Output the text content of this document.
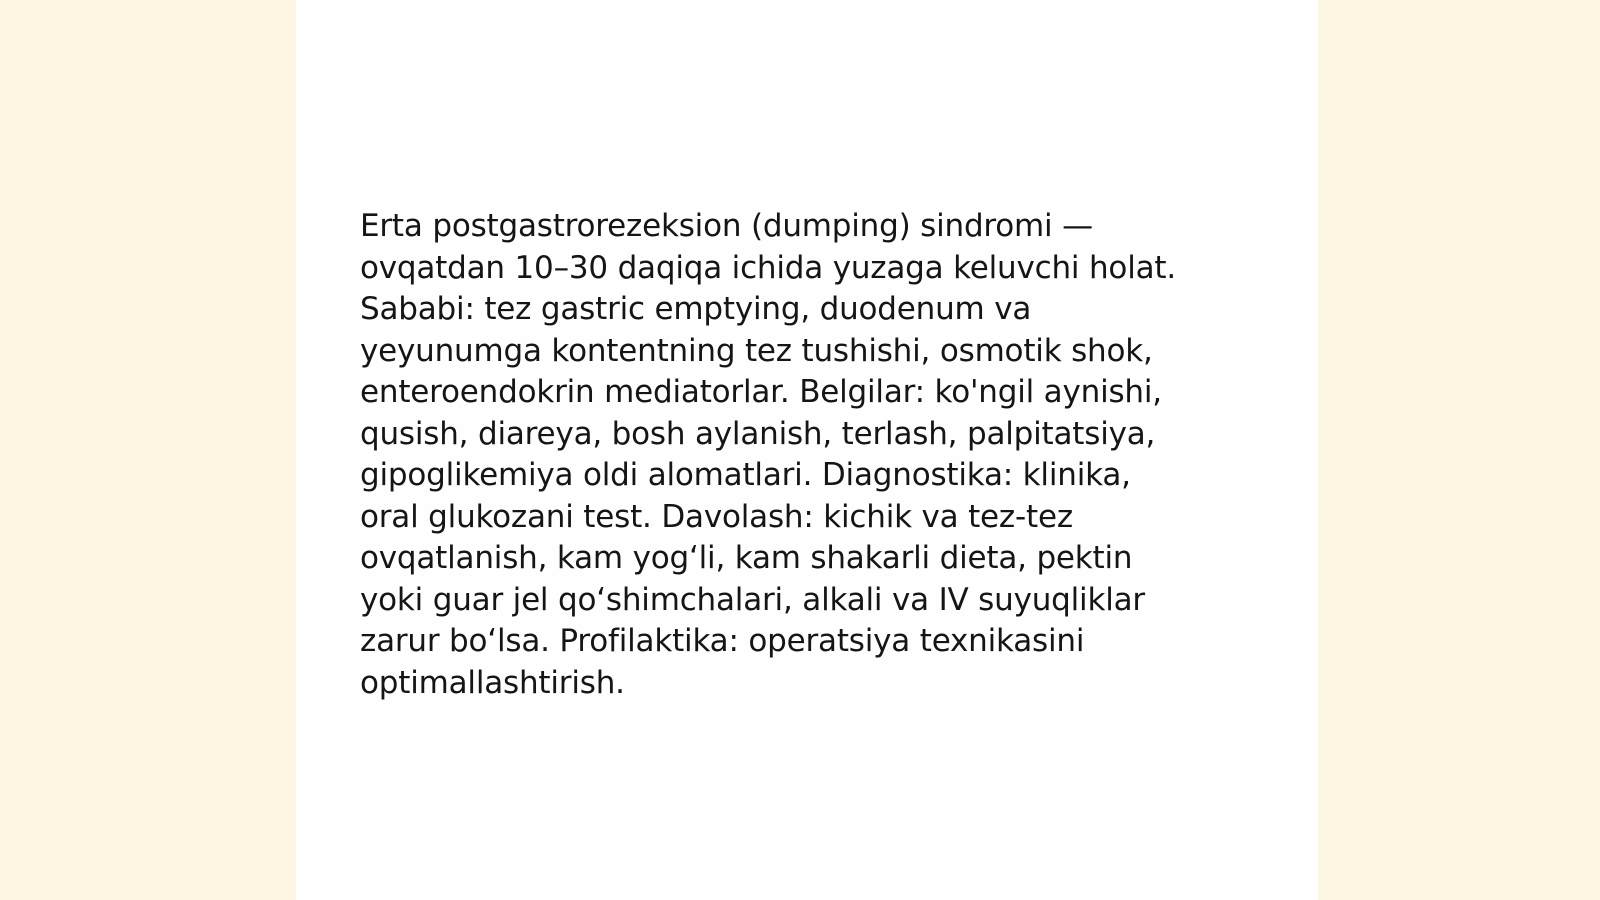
Erta postgastrorezeksion (dumping) sindromi —
ovqatdan 10–30 daqiqa ichida yuzaga keluvchi holat.
Sababi: tez gastric emptying, duodenum va
yeyunumga kontentning tez tushishi, osmotik shok,
enteroendokrin mediatorlar. Belgilar: ko'ngil aynishi,
qusish, diareya, bosh aylanish, terlash, palpitatsiya,
gipoglikemiya oldi alomatlari. Diagnostika: klinika,
oral glukozani test. Davolash: kichik va tez-tez
ovqatlanish, kam yog‘li, kam shakarli dieta, pektin
yoki guar jel qo‘shimchalari, alkali va IV suyuqliklar
zarur bo‘lsa. Profilaktika: operatsiya texnikasini
optimallashtirish.
